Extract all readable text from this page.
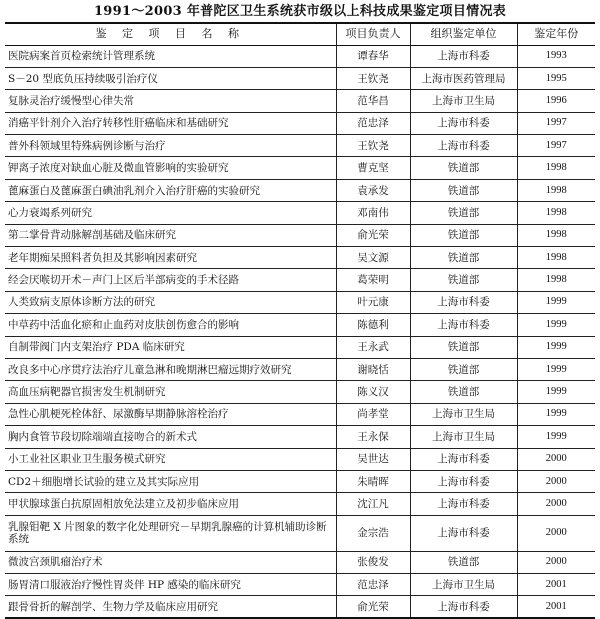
1991～2003 年普陀区卫生系统获市级以上科技成果鉴定项目情况表
鉴 定 项 目 名 称	项目负责人	组织鉴定单位	鉴定年份
医院病案首页检索统计管理系统	谭春华	上海市科委	1993
S－20 型底负压持续吸引治疗仪	王钦尧	上海市医药管理局	1995
复脉灵治疗缓慢型心律失常	范华昌	上海市卫生局	1996
消癌平针剂介入治疗转移性肝癌临床和基础研究	范忠泽	上海市科委	1997
普外科领域里特殊病例诊断与治疗	王钦尧	上海市科委	1997
钾离子浓度对缺血心脏及微血管影响的实验研究	曹克坚	铁道部	1998
蓖麻蛋白及蓖麻蛋白碘油乳剂介入治疗肝癌的实验研究	袁承发	铁道部	1998
心力衰竭系列研究	邓南伟	铁道部	1998
第二掌骨背动脉解剖基础及临床研究	俞光荣	铁道部	1998
老年期痴呆照料者负担及其影响因素研究	吴文源	铁道部	1998
经会厌喉切开术－声门上区后半部病变的手术径路	葛荣明	铁道部	1998
人类致病支原体诊断方法的研究	叶元康	上海市科委	1999
中草药中活血化瘀和止血药对皮肤创伤愈合的影响	陈德利	上海市科委	1999
自制带阀门内支架治疗 PDA 临床研究	王永武	铁道部	1999
改良多中心序贯疗法治疗儿童急淋和晚期淋巴瘤远期疗效研究	谢晓恬	铁道部	1999
高血压病靶器官损害发生机制研究	陈义汉	铁道部	1999
急性心肌梗死栓体舒、尿激酶早期静脉溶栓治疗	尚孝堂	上海市卫生局	1999
胸内食管节段切除端端直接吻合的新术式	王永保	上海市卫生局	1999
小工业社区职业卫生服务模式研究	吴世达	上海市科委	2000
CD2＋细胞增长试验的建立及其实际应用	朱晴晖	上海市科委	2000
甲状腺球蛋白抗原固相放免法建立及初步临床应用	沈江凡	上海市科委	2000
乳腺钼靶 X 片图象的数字化处理研究－早期乳腺癌的计算机辅助诊断系统	金宗浩	上海市科委	2000
微波宫颈肌瘤治疗术	张俊发	铁道部	2000
肠胃清口服液治疗慢性胃炎伴 HP 感染的临床研究	范忠泽	上海市卫生局	2001
跟骨骨折的解剖学、生物力学及临床应用研究	俞光荣	上海市科委	2001
